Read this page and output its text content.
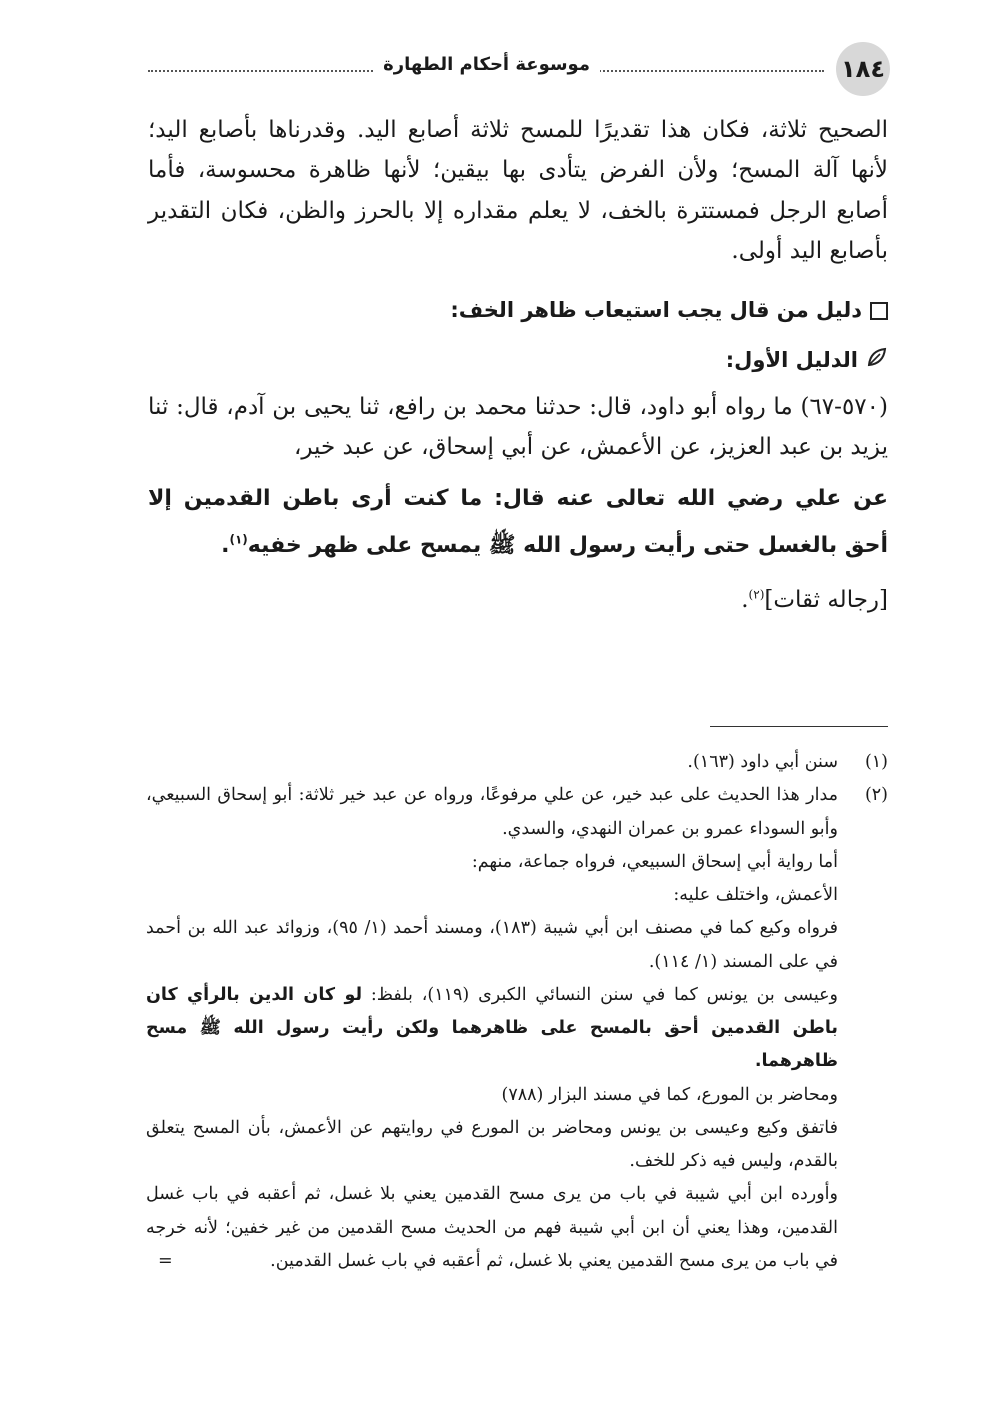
١٨٤
موسوعة أحكام الطهارة

الصحيح ثلاثة، فكان هذا تقديرًا للمسح ثلاثة أصابع اليد. وقدرناها بأصابع اليد؛ لأنها آلة المسح؛ ولأن الفرض يتأدى بها بيقين؛ لأنها ظاهرة محسوسة، فأما أصابع الرجل فمستترة بالخف، لا يعلم مقداره إلا بالحرز والظن، فكان التقدير بأصابع اليد أولى.

دليل من قال يجب استيعاب ظاهر الخف:
الدليل الأول:

(٥٧٠-٦٧) ما رواه أبو داود، قال: حدثنا محمد بن رافع، ثنا يحيى بن آدم، قال: ثنا يزيد بن عبد العزيز، عن الأعمش، عن أبي إسحاق، عن عبد خير،

عن علي رضي الله تعالى عنه قال: ما كنت أرى باطن القدمين إلا أحق بالغسل حتى رأيت رسول الله ﷺ يمسح على ظهر خفيه$^{(١)}$.

[رجاله ثقات]$^{(٢)}$.

(١)
سنن أبي داود (١٦٣).
(٢)
مدار هذا الحديث على عبد خير، عن علي مرفوعًا، ورواه عن عبد خير ثلاثة: أبو إسحاق السبيعي، وأبو السوداء عمرو بن عمران النهدي، والسدي.
أما رواية أبي إسحاق السبيعي، فرواه جماعة، منهم:
الأعمش، واختلف عليه:
فرواه وكيع كما في مصنف ابن أبي شيبة (١٨٣)، ومسند أحمد (١/ ٩٥)، وزوائد عبد الله بن أحمد في على المسند (١/ ١١٤).
وعيسى بن يونس كما في سنن النسائي الكبرى (١١٩)، بلفظ: لو كان الدين بالرأي كان باطن القدمين أحق بالمسح على ظاهرهما ولكن رأيت رسول الله ﷺ مسح ظاهرهما.
ومحاضر بن المورع، كما في مسند البزار (٧٨٨)
فاتفق وكيع وعيسى بن يونس ومحاضر بن المورع في روايتهم عن الأعمش، بأن المسح يتعلق بالقدم، وليس فيه ذكر للخف.
وأورده ابن أبي شيبة في باب من يرى مسح القدمين يعني بلا غسل، ثم أعقبه في باب غسل القدمين، وهذا يعني أن ابن أبي شيبة فهم من الحديث مسح القدمين من غير خفين؛ لأنه خرجه في باب من يرى مسح القدمين يعني بلا غسل، ثم أعقبه في باب غسل القدمين.
=
